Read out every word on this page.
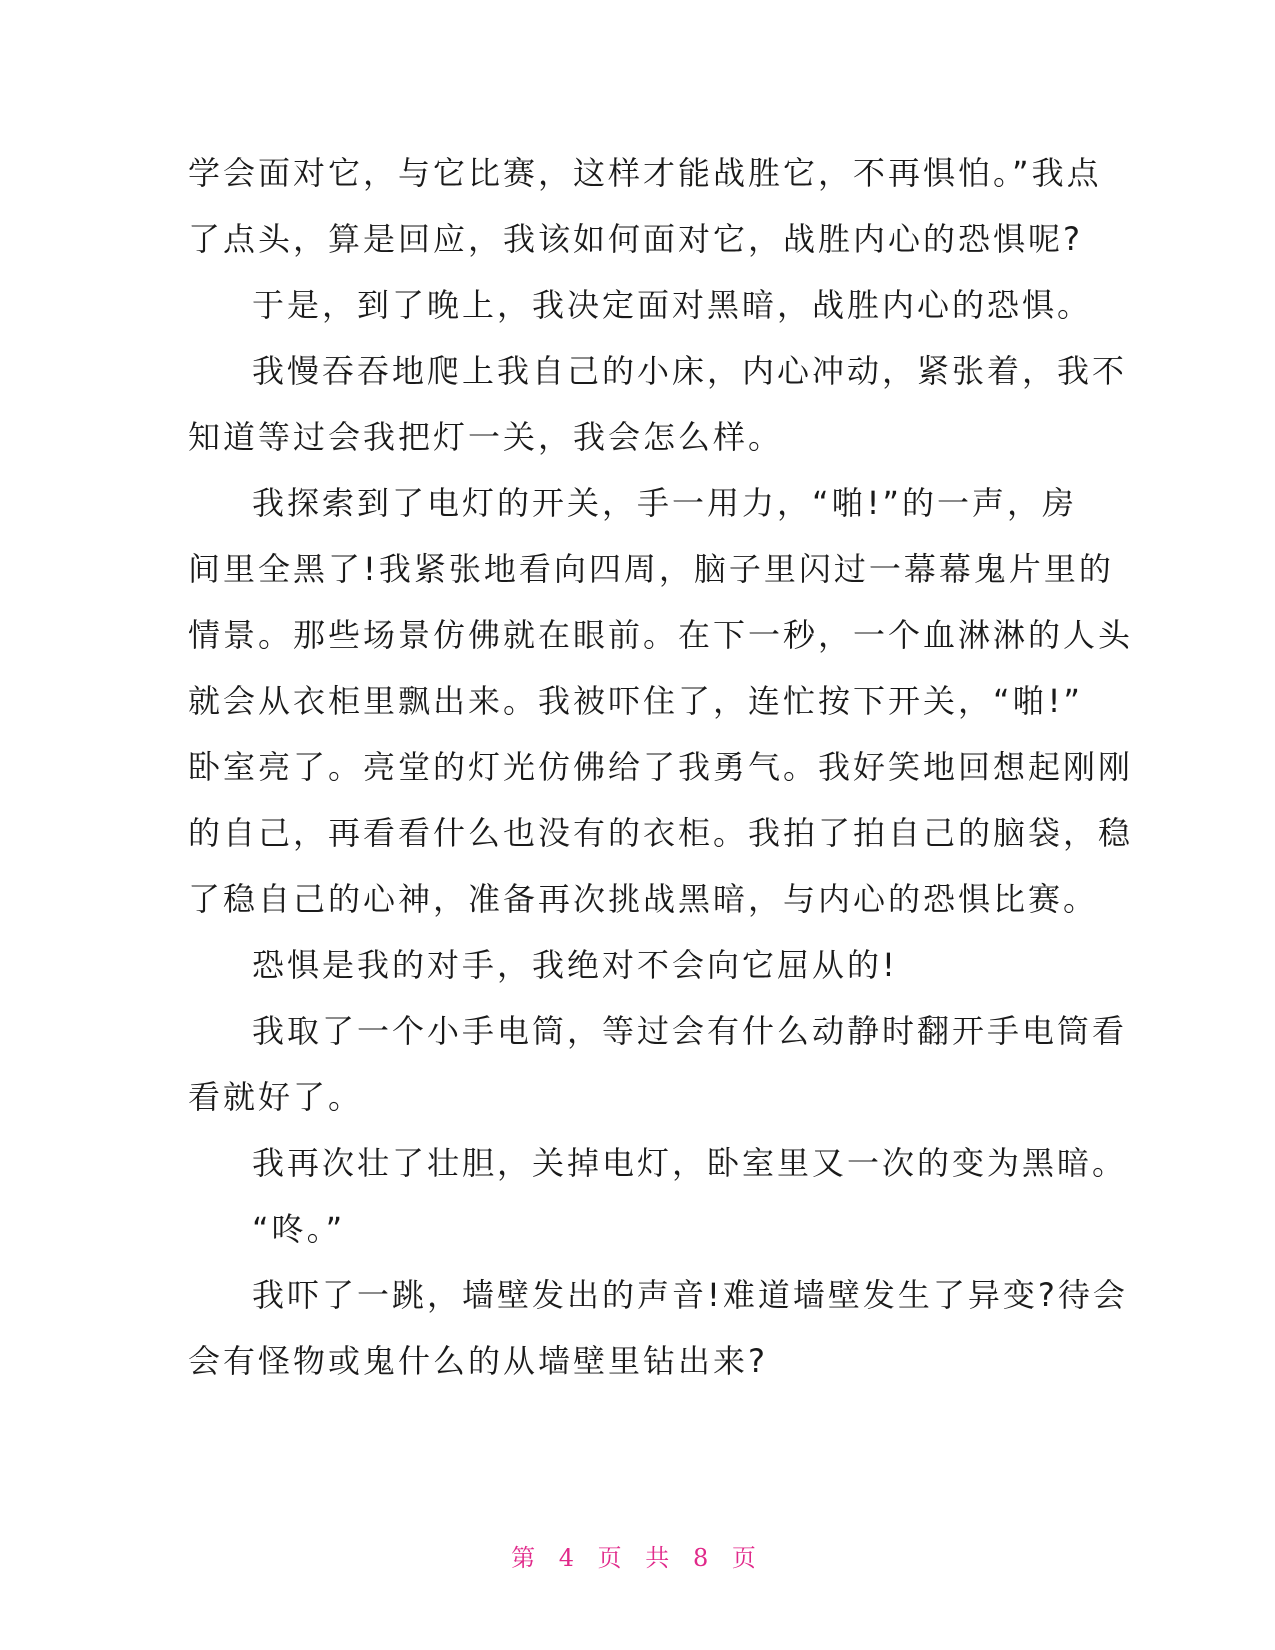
学会面对它，与它比赛，这样才能战胜它，不再惧怕。”我点
了点头，算是回应，我该如何面对它，战胜内心的恐惧呢?
于是，到了晚上，我决定面对黑暗，战胜内心的恐惧。
我慢吞吞地爬上我自己的小床，内心冲动，紧张着，我不
知道等过会我把灯一关，我会怎么样。
我探索到了电灯的开关，手一用力，“啪!”的一声，房
间里全黑了!我紧张地看向四周，脑子里闪过一幕幕鬼片里的
情景。那些场景仿佛就在眼前。在下一秒，一个血淋淋的人头
就会从衣柜里飘出来。我被吓住了，连忙按下开关，“啪!”
卧室亮了。亮堂的灯光仿佛给了我勇气。我好笑地回想起刚刚
的自己，再看看什么也没有的衣柜。我拍了拍自己的脑袋，稳
了稳自己的心神，准备再次挑战黑暗，与内心的恐惧比赛。
恐惧是我的对手，我绝对不会向它屈从的!
我取了一个小手电筒，等过会有什么动静时翻开手电筒看
看就好了。
我再次壮了壮胆，关掉电灯，卧室里又一次的变为黑暗。
“咚。”
我吓了一跳，墙壁发出的声音!难道墙壁发生了异变?待会
会有怪物或鬼什么的从墙壁里钻出来?
第 4 页 共 8 页
